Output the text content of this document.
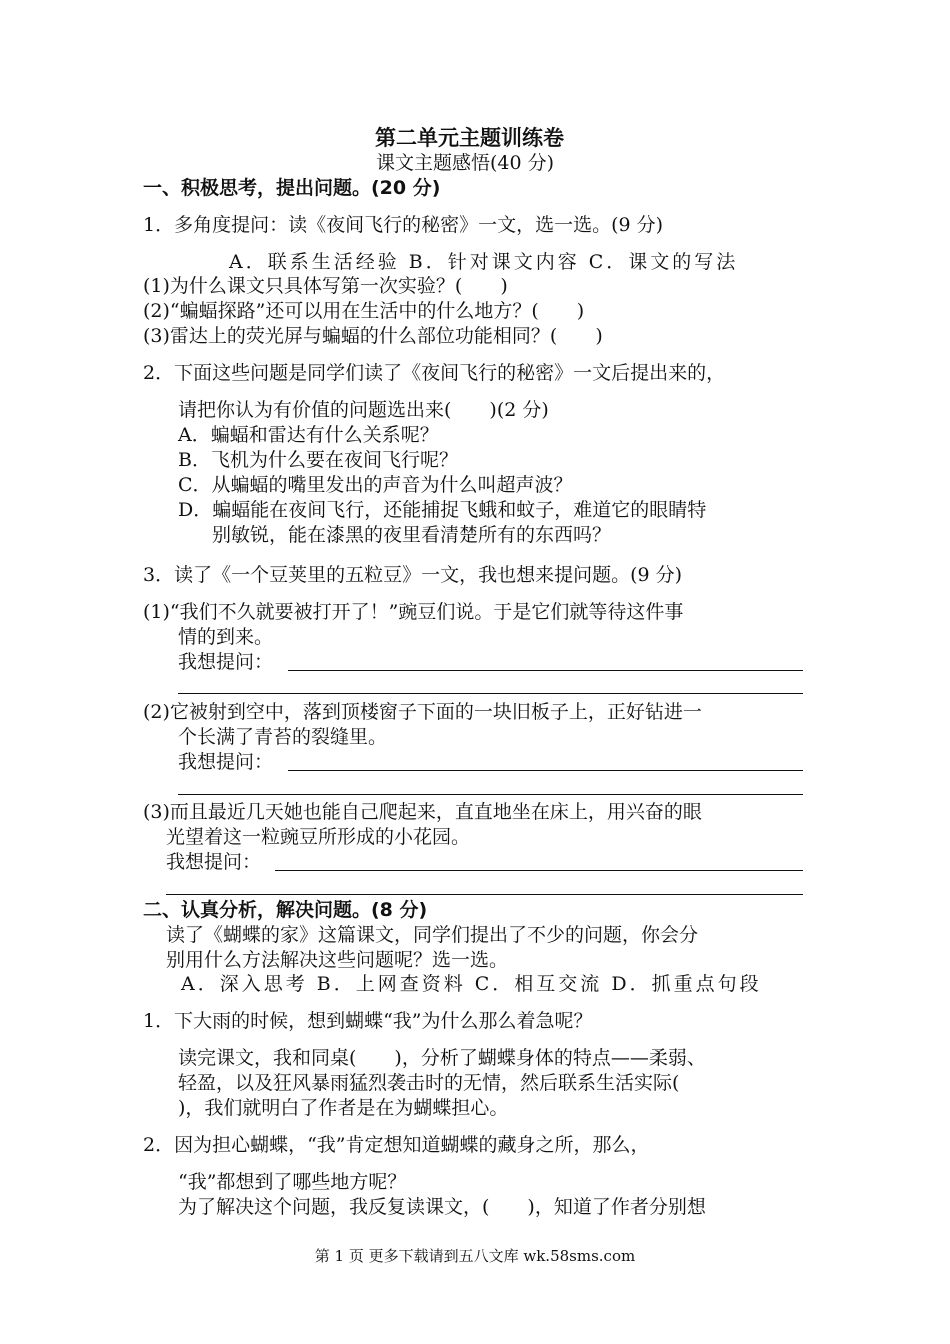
第二单元主题训练卷
课文主题感悟(40 分)
一、积极思考，提出问题。(20 分)
1．多角度提问：读《夜间飞行的秘密》一文，选一选。(9 分)
A．联系生活经验 B．针对课文内容 C．课文的写法
(1)为什么课文只具体写第一次实验？(　　)
(2)“蝙蝠探路”还可以用在生活中的什么地方？(　　)
(3)雷达上的荧光屏与蝙蝠的什么部位功能相同？(　　)
2．下面这些问题是同学们读了《夜间飞行的秘密》一文后提出来的，
请把你认为有价值的问题选出来(　　)(2 分)
A．蝙蝠和雷达有什么关系呢？
B．飞机为什么要在夜间飞行呢？
C．从蝙蝠的嘴里发出的声音为什么叫超声波？
D．蝙蝠能在夜间飞行，还能捕捉飞蛾和蚊子，难道它的眼睛特
别敏锐，能在漆黑的夜里看清楚所有的东西吗？
3．读了《一个豆荚里的五粒豆》一文，我也想来提问题。(9 分)
(1)“我们不久就要被打开了！”豌豆们说。于是它们就等待这件事
情的到来。
我想提问：
(2)它被射到空中，落到顶楼窗子下面的一块旧板子上，正好钻进一
个长满了青苔的裂缝里。
我想提问：
(3)而且最近几天她也能自己爬起来，直直地坐在床上，用兴奋的眼
光望着这一粒豌豆所形成的小花园。
我想提问：
二、认真分析，解决问题。(8 分)
读了《蝴蝶的家》这篇课文，同学们提出了不少的问题，你会分
别用什么方法解决这些问题呢？选一选。
A．深入思考 B．上网查资料 C．相互交流 D．抓重点句段
1．下大雨的时候，想到蝴蝶“我”为什么那么着急呢？
读完课文，我和同桌(　　)，分析了蝴蝶身体的特点——柔弱、
轻盈，以及狂风暴雨猛烈袭击时的无情，然后联系生活实际(
)，我们就明白了作者是在为蝴蝶担心。
2．因为担心蝴蝶，“我”肯定想知道蝴蝶的藏身之所，那么，
“我”都想到了哪些地方呢？
为了解决这个问题，我反复读课文，(　　)，知道了作者分别想
第 1 页 更多下载请到五八文库 wk.58sms.com
